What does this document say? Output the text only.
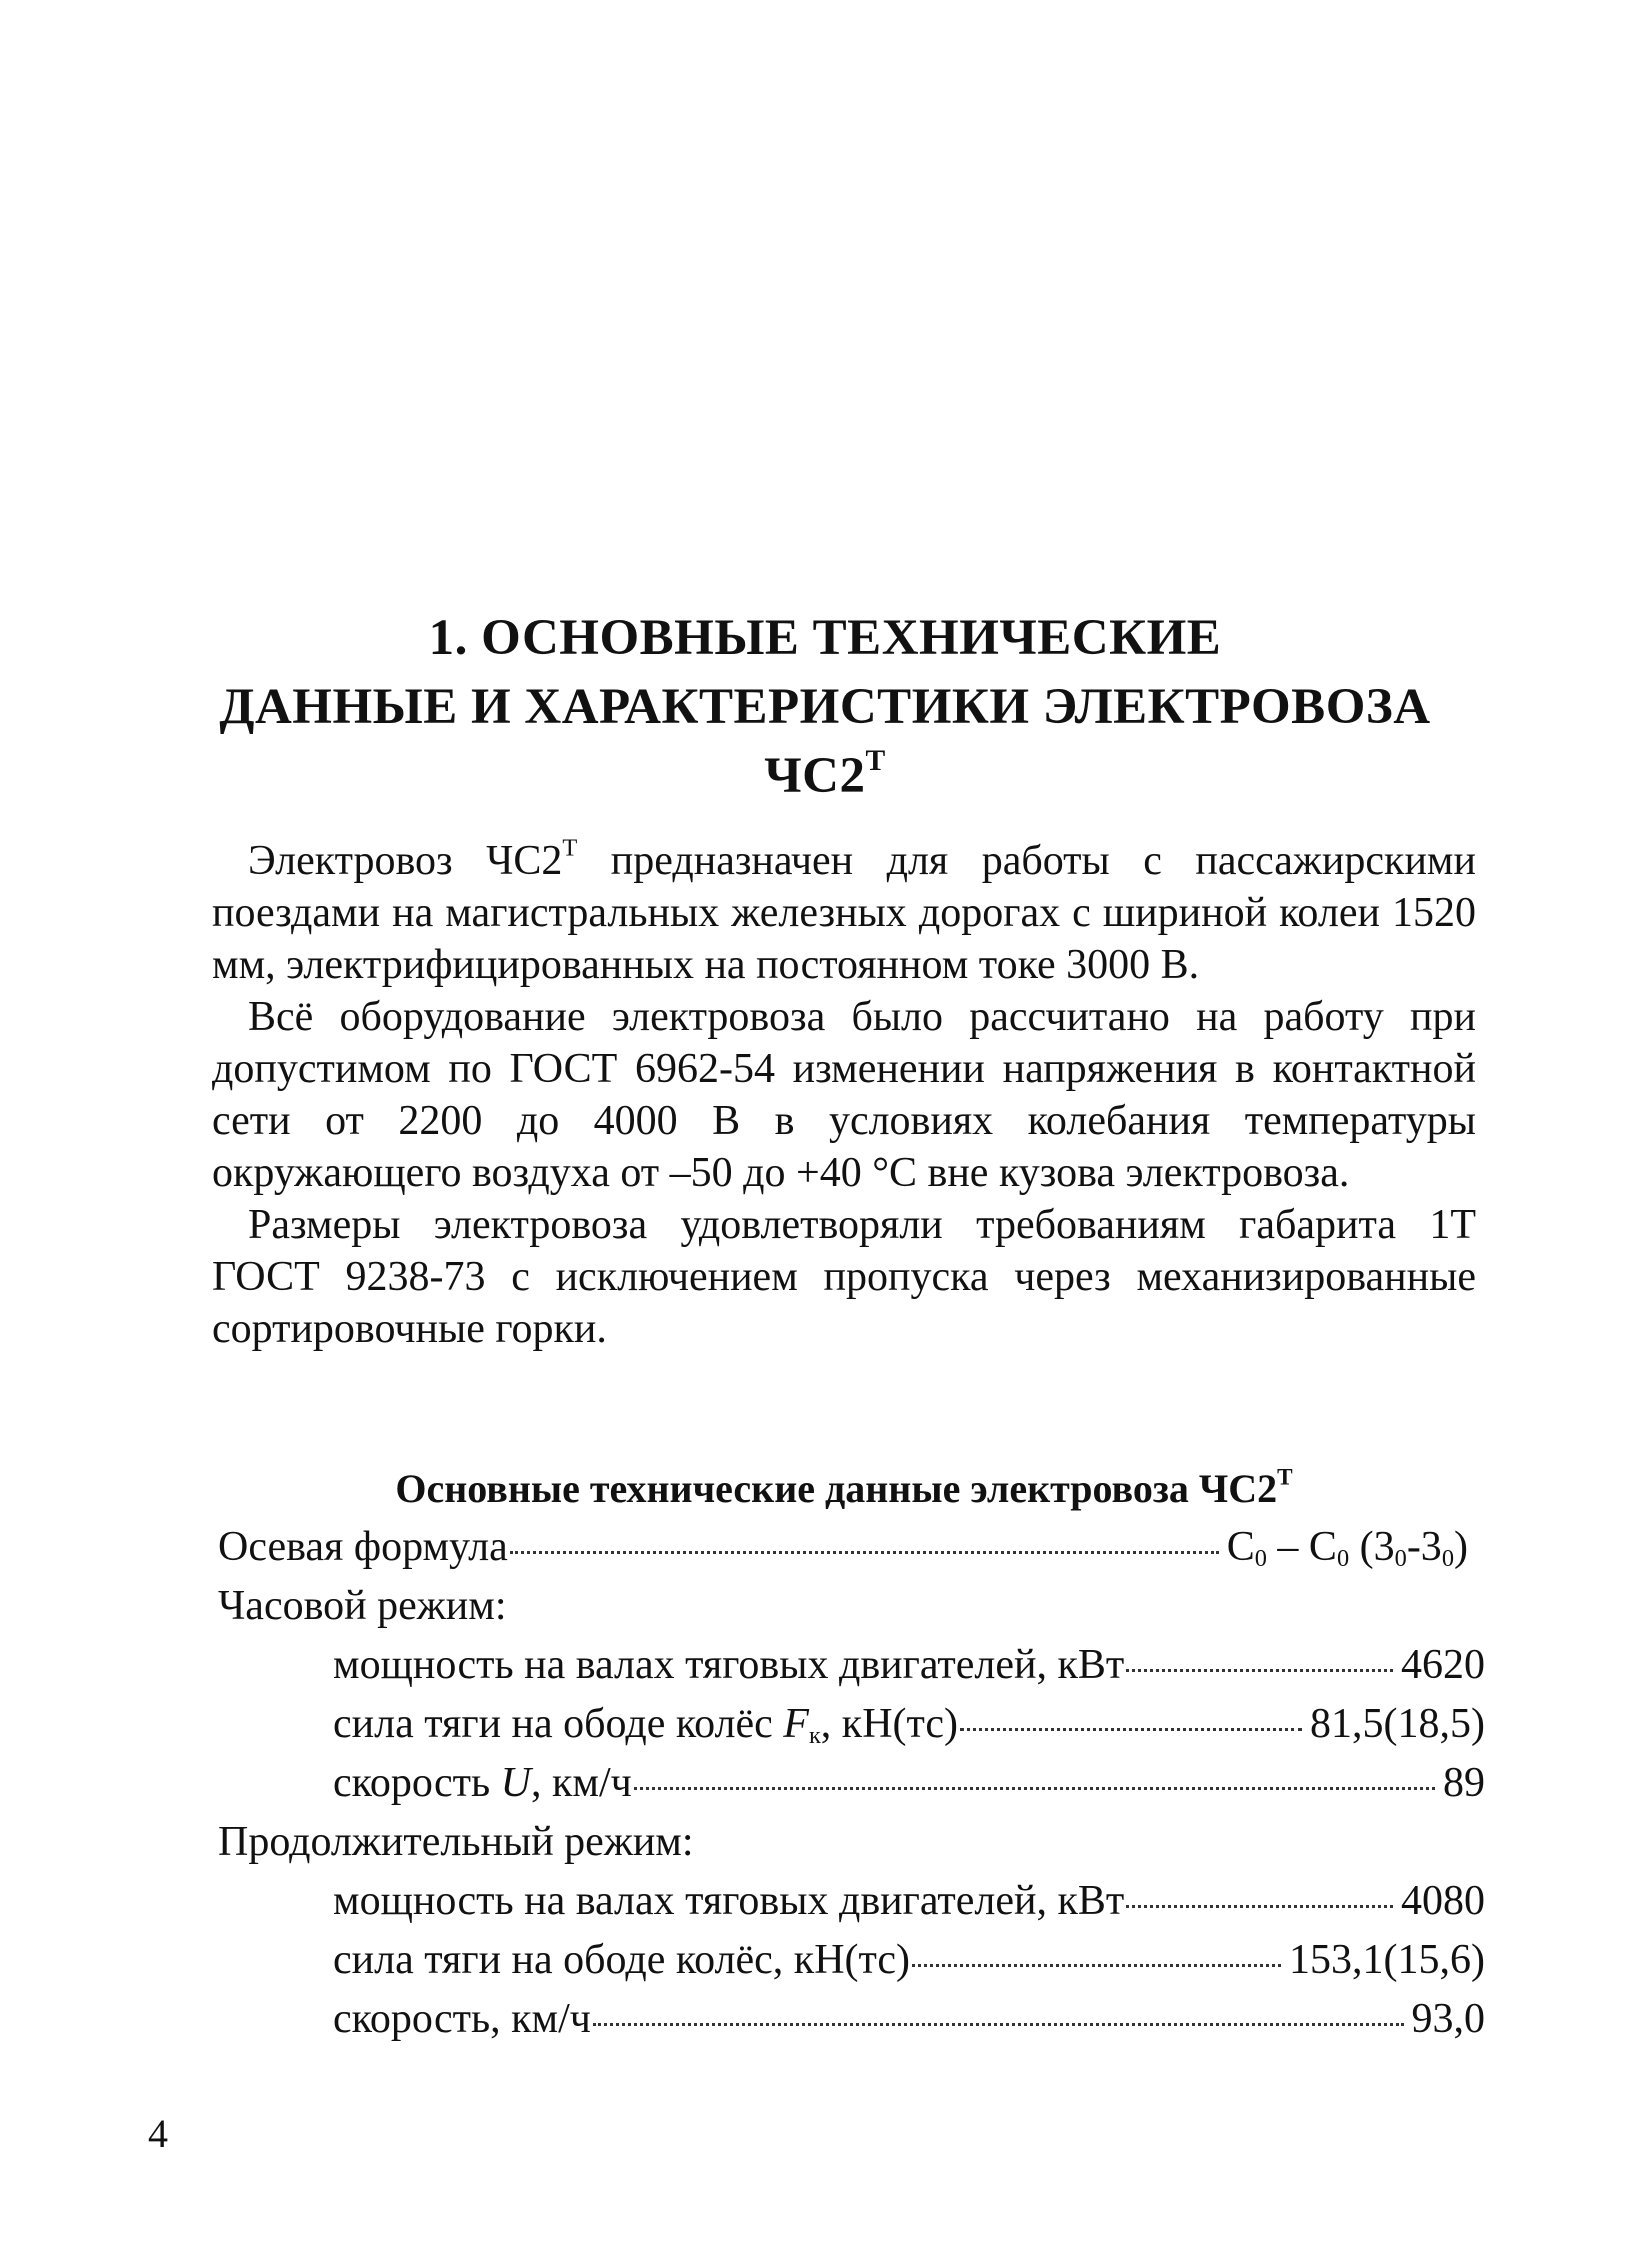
1. ОСНОВНЫЕ ТЕХНИЧЕСКИЕ
ДАННЫЕ И ХАРАКТЕРИСТИКИ ЭЛЕКТРОВОЗА
$ЧС2^Т$

Электровоз $ЧС2^Т$ предназначен для работы с пассажирскими поездами на магистральных железных дорогах с шириной колеи 1520 мм, электрифицированных на постоянном токе 3000 В.

Всё оборудование электровоза было рассчитано на работу при допустимом по ГОСТ 6962-54 изменении напряжения в контактной сети от 2200 до 4000 В в условиях колебания температуры окружающего воздуха от –50 до +40 °С вне кузова электровоза.

Размеры электровоза удовлетворяли требованиям габарита 1Т ГОСТ 9238-73 с исключением пропуска через механизированные сортировочные горки.

Основные технические данные электровоза $ЧС2^Т$
Осевая формула	$С_0 - С_0$ $(3_0-3_0)$
Часовой режим:
мощность на валах тяговых двигателей, кВт	4620
сила тяги на ободе колёс $F_к$, кН(тс)	81,5(18,5)
скорость U, км/ч	89
Продолжительный режим:
мощность на валах тяговых двигателей, кВт	4080
сила тяги на ободе колёс, кН(тс)	153,1(15,6)
скорость, км/ч	93,0
4
